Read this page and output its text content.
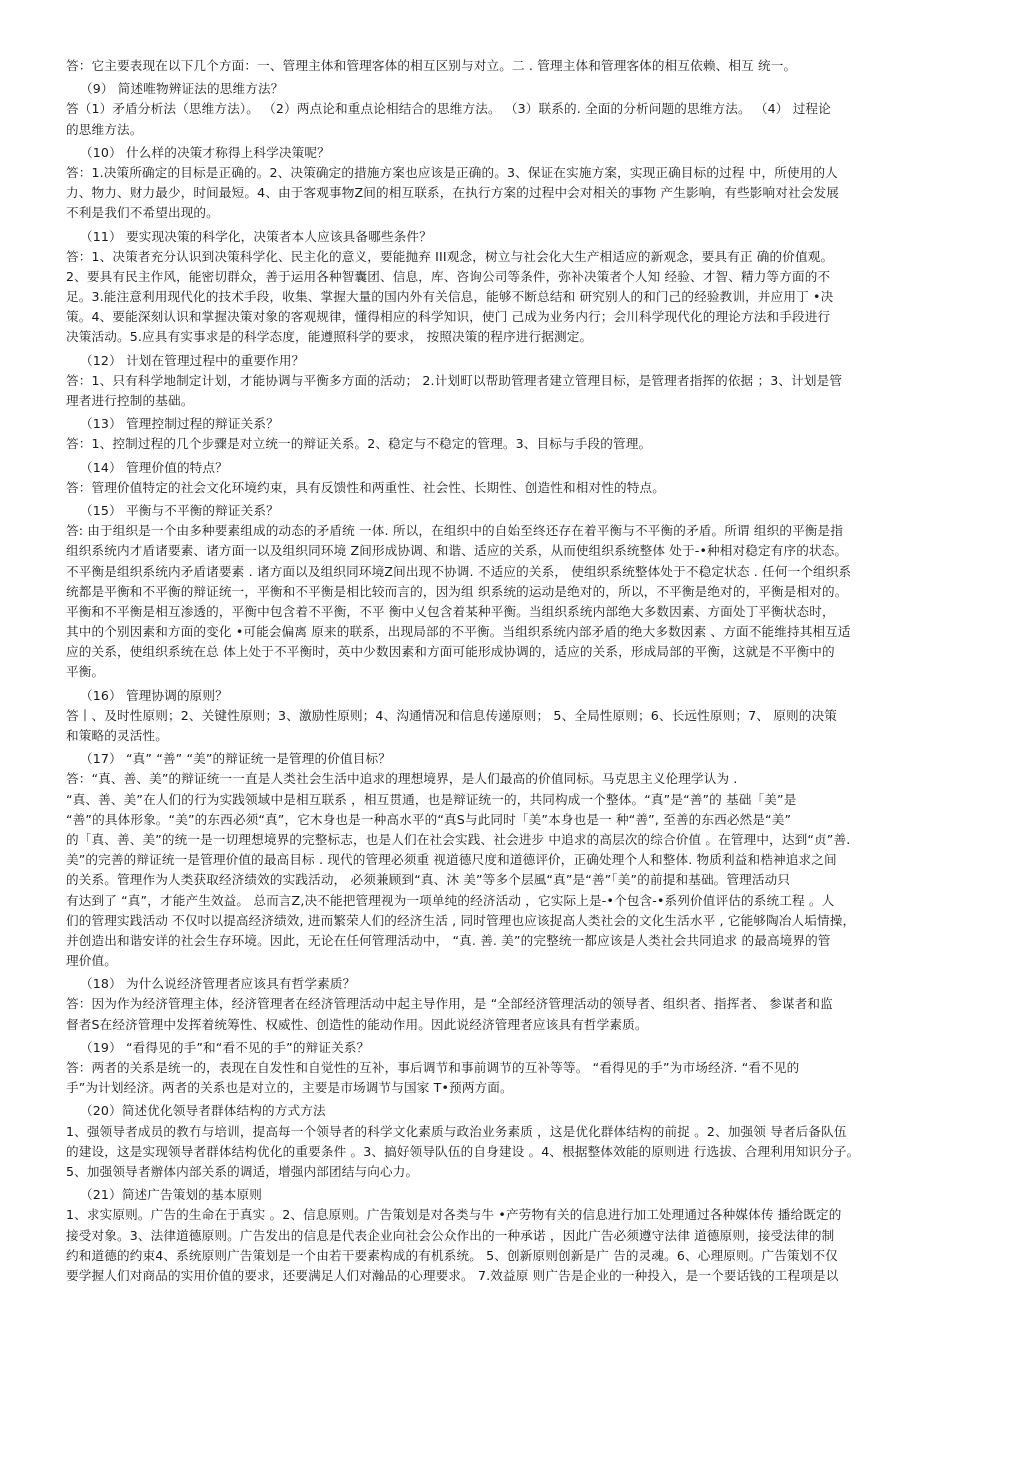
答：它主要表现在以下几个方面：一、管理主体和管理客体的相互区别与对立。二 . 管理主体和管理客体的相互依赖、相互 统一。
（9） 简述唯物辨证法的思维方法？
答（1）矛盾分析法（思维方法）。 （2）两点论和重点论相结合的思维方法。 （3）联系的. 全面的分析问题的思维方法。 （4） 过程论
的思维方法。
（10） 什么样的决策才称得上科学决策呢？
答：1.决策所确定的目标是正确的。2、决策确定的措施方案也应该是正确的。3、保证在实施方案，实现正确目标的过程 中，所使用的人
力、物力、财力最少，时间最短。4、由于客观事物Z间的相互联系，在执行方案的过程中会对相关的事物 产生影响，有些影响对社会发展
不利是我们不希望出现的。
（11） 要实现决策的科学化，决策者本人应该具备哪些条件？
答：1、决策者充分认识到决策科学化、民主化的意义，要能抛弃 III观念，树立与社会化大生产相适应的新观念，要具有正 确的价值观。
2、要具有民主作风，能密切群众，善于运用各种智囊团、信息，库、咨询公司等条件，弥补决策者个人知 经验、才智、精力等方面的不
足。3.能注意利用现代化的技术手段，收集、掌握大量的国内外有关信息，能够不断总结和 研究别人的和门己的经验教训，并应用丁 •决
策。4、要能深刻认识和掌握决策对象的客观规律，懂得相应的科学知识，使门 己成为业务内行；会川科学现代化的理论方法和手段进行
决策活动。5.应具有实事求是的科学态度，能遵照科学的要求， 按照决策的程序进行据测定。
（12） 计划在管理过程中的重要作用？
答：1、只有科学地制定计划，才能协调与平衡多方面的活动； 2.计划町以帮助管理者建立管理目标，是管理者指挥的依据 ；3、计划是管
理者进行控制的基础。
（13） 管理控制过程的辩证关系？
答：1、控制过程的几个步骤是对立统一的辩证关系。2、稳定与不稳定的管理。3、目标与手段的管理。
（14） 管理价值的特点？
答：管理价值特定的社会文化环境约束，具有反馈性和两重性、社会性、长期性、创造性和相对性的特点。
（15） 平衡与不平衡的辩证关系？
答: 由于组织是一个由多种要素组成的动态的矛盾统 一体. 所以，在组织中的自始至终还存在着平衡与不平衡的矛盾。所谓 组织的平衡是指
组织系统内才盾诸要素、诸方面一以及组织同环境 Z间形成协调、和谐、适应的关系，从而使组织系统整体 处于-•种相对稳定有序的状态。
不平衡是组织系统内矛盾诸要素 . 诸方面以及组织同环境Z间出现不协调. 不适应的关系， 使组织系统整体处于不稳定状态 . 任何一个组织系
统都是平衡和不平衡的辩证统一，平衡和不平衡是相比较而言的，因为组 织系统的运动是绝对的，所以，不平衡是绝对的，平衡是相对的。
平衡和不平衡是相互渗透的，平衡中包含着不平衡，不平 衡中乂包含着某种平衡。当组织系统内部绝大多数因素、方面处丁平衡状态时，
其中的个别因素和方面的变化 •可能会偏离 原来的联系，出现局部的不平衡。当组织系统内部矛盾的绝大多数因素 、方面不能维持其相互适
应的关系，使组织系统在总 体上处于不平衡时，英中少数因素和方面可能形成协调的，适应的关系，形成局部的平衡，这就是不平衡中的
平衡。
（16） 管理协调的原则？
答丨、及时性原则；2、关键性原则；3、激励性原则；4、沟通情况和信息传递原则； 5、全局性原则；6、长远性原则；7、 原则的决策
和策略的灵活性。
（17） “真” “善” “美”的辩证统一是管理的价值目标？
答：“真、善、美”的辩证统一一直是人类社会生活中追求的理想境界，是人们最高的价值同标。马克思主义伦理学认为 .
“真、善、美”在人们的行为实践领域中是相互联系 ，相互贯通，也是辩证统一的，共同构成一个整体。“真”是“善”的 基础「美”是
“善”的具体形象。“美”的东西必须“真”，它木身也是一种高水平的“真S与此同时「美”本身也是一 种“善”, 至善的东西必然是“美”
的「真、善、美”的统一是一切理想境界的完整标志，也是人们在社会实践、社会进步 中追求的高层次的综合价值 。在管理中，达到“贞”善.
美”的完善的辩证统一是管理价值的最高目标 . 现代的管理必须重 视道德尺度和道德评价，正确处理个人和整体. 物质利益和梏神追求之间
的关系。管理作为人类获取经济绩效的实践活动， 必须兼顾到“真、沐 美”等多个层風“真”是“善”「美”的前提和基础。管理活动只
有达到了 “真”，才能产生效益。 总而言Z,决不能把管理视为一项单纯的经济活动 ，它实际上是-•个包含-•系列价值评估的系统工程 。人
们的管理实践活动 不仅吋以提高经济绩效, 进而繁荣人们的经济生活 , 同时管理也应该捉高人类社会的文化生活水平 , 它能够陶冶人垢情操，
并创造出和谐安详的社会生存环境。因此，无论在任何管理活动中， “真. 善. 美”的完整统一都应该是人类社会共同追求 的最高境界的管
理价值。
（18） 为什么说经济管理者应该具有哲学素质？
答：因为作为经济管理主体，经济管理者在经济管理活动中起主导作用，是 “全部经济管理活动的领导者、组织者、指挥者、 参谋者和监
督者S在经济管理中发挥着统筹性、权威性、创造性的能动作用。因此说经济管理者应该具有哲学素质。
（19） “看得见的手”和“看不见的手”的辩证关系？
答：两者的关系是统一的，表现在自发性和自觉性的互补，事后调节和事前调节的互补等等。 “看得见的手”为市场经济. “看不见的
手”为计划经济。两者的关系也是对立的，主要是市场调节与国家 T•预两方面。
（20）简述优化领导者群体结构的方式方法
1、强领导者成员的教冇与培训，提高每一个领导者的科学文化素质与政治业务素质 ，这是优化群体结构的前捉 。2、加强领 导者后备队伍
的建设，这是实现领导者群体结构优化的重要条件 。3、搞好领导队伍的自身建设 。4、根据整体效能的原则进 行选拔、合理利用知识分子。
5、加强领导者辦体内部关系的调适，增强内部团结与向心力。
（21）简述广告策划的基本原则
1、求实原则。广告的生命在于真实 。2、信息原则。广告策划是对各类与牛 •产劳物有关的信息进行加工处理通过各种媒体传 播给既定的
接受对象。3、法律道德原则。广告发出的信息是代表企业向社会公众作出的一种承诺 ，因此广告必须遵守法律 道德原则，接受法律的制
约和道德的约束4、系统原则广告策划是一个由若干要素构成的有机系统。 5、创新原则创新是广 告的灵魂。6、心理原则。广告策划不仅
要学握人们对商品的实用价值的要求，还要满足人们对瀚品的心理要求。 7.效益原 则广告是企业的一种投入，是一个要话钱的工程项是以
